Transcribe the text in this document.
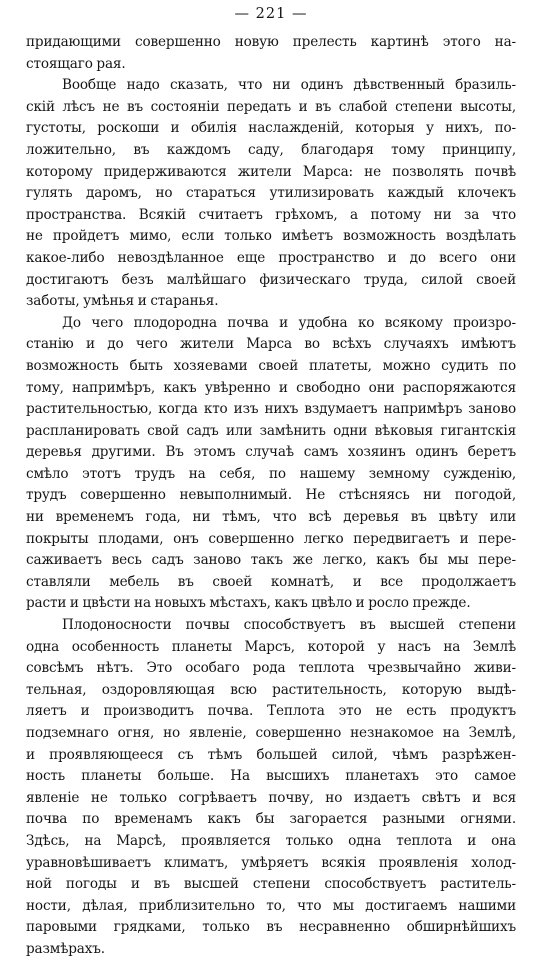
— 221 —
придающими совершенно новую прелесть картинѣ этого на-
стоящаго рая.
Вообще надо сказать, что ни одинъ дѣвственный бразиль-
скій лѣсъ не въ состояніи передать и въ слабой степени высоты,
густоты, роскоши и обилія наслажденій, которыя у нихъ, по-
ложительно, въ каждомъ саду, благодаря тому принципу,
которому придерживаются жители Марса: не позволять почвѣ
гулять даромъ, но стараться утилизировать каждый клочекъ
пространства. Всякій считаетъ грѣхомъ, а потому ни за что
не пройдетъ мимо, если только имѣетъ возможность воздѣлать
какое-либо невоздѣланное еще пространство и до всего они
достигаютъ безъ малѣйшаго физическаго труда, силой своей
заботы, умѣнья и старанья.
До чего плодородна почва и удобна ко всякому произро-
станію и до чего жители Марса во всѣхъ случаяхъ имѣютъ
возможность быть хозяевами своей платеты, можно судить по
тому, напримѣръ, какъ увѣренно и свободно они распоряжаются
растительностью, когда кто изъ нихъ вздумаетъ напримѣръ заново
распланировать свой садъ или замѣнить одни вѣковыя гигантскія
деревья другими. Въ этомъ случаѣ самъ хозяинъ одинъ беретъ
смѣло этотъ трудъ на себя, по нашему земному сужденію,
трудъ совершенно невыполнимый. Не стѣсняясь ни погодой,
ни временемъ года, ни тѣмъ, что всѣ деревья въ цвѣту или
покрыты плодами, онъ совершенно легко передвигаетъ и пере-
саживаетъ весь садъ заново такъ же легко, какъ бы мы пере-
ставляли мебель въ своей комнатѣ, и все продолжаетъ
расти и цвѣсти на новыхъ мѣстахъ, какъ цвѣло и росло прежде.
Плодоносности почвы способствуетъ въ высшей степени
одна особенность планеты Марсъ, которой у насъ на Землѣ
совсѣмъ нѣтъ. Это особаго рода теплота чрезвычайно живи-
тельная, оздоровляющая всю растительность, которую выдѣ-
ляетъ и производитъ почва. Теплота это не есть продуктъ
подземнаго огня, но явленіе, совершенно незнакомое на Землѣ,
и проявляющееся съ тѣмъ большей силой, чѣмъ разрѣжен-
ность планеты больше. На высшихъ планетахъ это самое
явленіе не только согрѣваетъ почву, но издаетъ свѣтъ и вся
почва по временамъ какъ бы загорается разными огнями.
Здѣсь, на Марсѣ, проявляется только одна теплота и она
уравновѣшиваетъ климатъ, умѣряетъ всякія проявленія холод-
ной погоды и въ высшей степени способствуетъ раститель-
ности, дѣлая, приблизительно то, что мы достигаемъ нашими
паровыми грядками, только въ несравненно обширнѣйшихъ
размѣрахъ.
